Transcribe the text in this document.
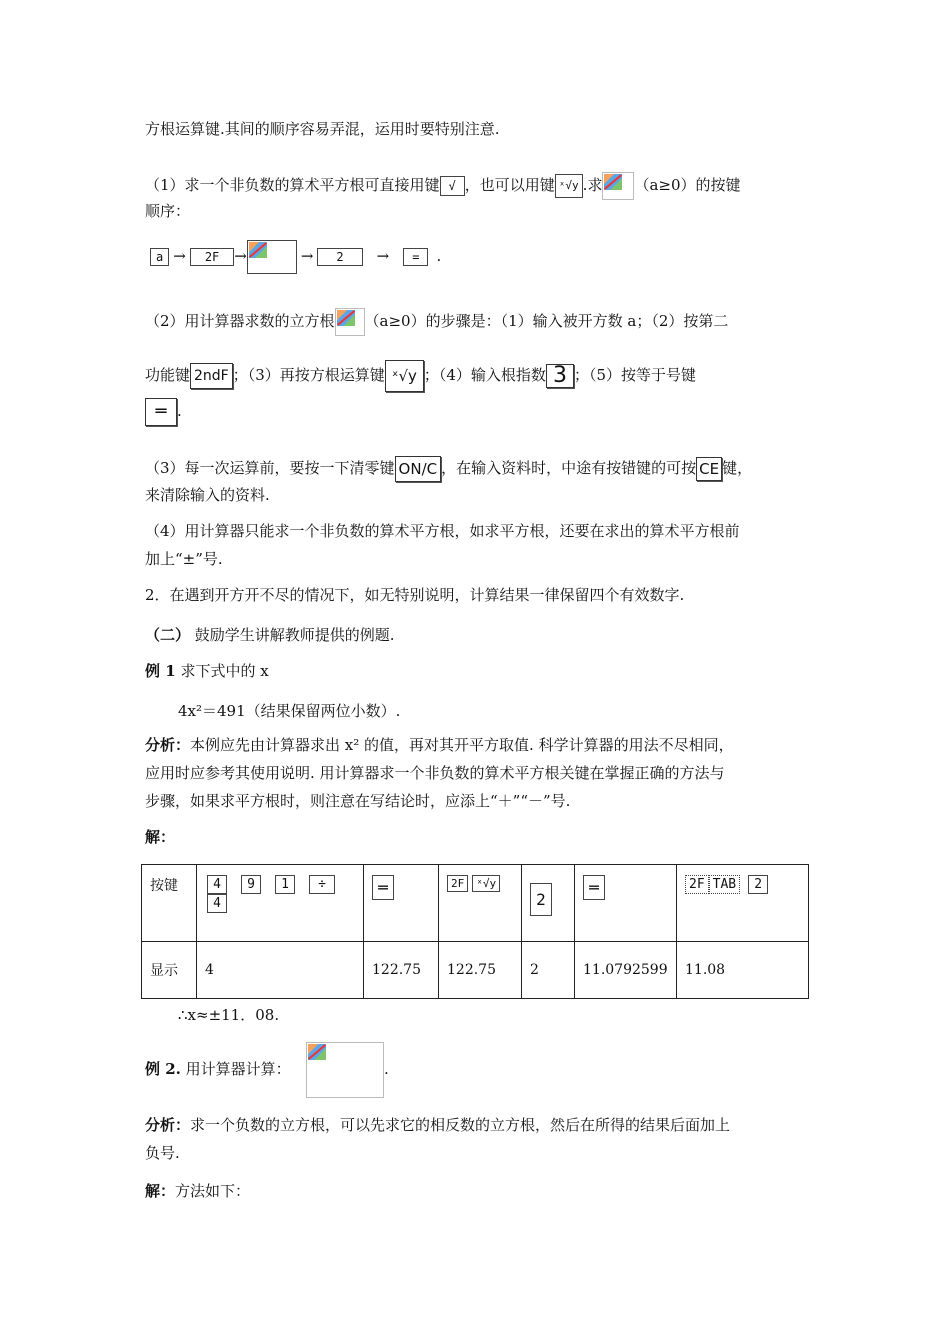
方根运算键.其间的顺序容易弄混，运用时要特别注意.
（1）求一个非负数的算术平方根可直接用键 √ ，也可以用键 ˣ√y .求 （a≥0）的按键
顺序：
a → 2F →	→ 2 → = .
（2）用计算器求数的立方根 （a≥0）的步骤是：（1）输入被开方数 a；（2）按第二
功能键 2ndF ；（3）再按方根运算键 ˣ√y ；（4）输入根指数 3 ；（5）按等于号键
═ .
（3）每一次运算前，要按一下清零键 ON/C ，在输入资料时，中途有按错键的可按 CE 键，
来清除输入的资料.
（4）用计算器只能求一个非负数的算术平方根，如求平方根，还要在求出的算术平方根前
加上“±”号.
2．在遇到开方开不尽的情况下，如无特别说明，计算结果一律保留四个有效数字.
（二） 鼓励学生讲解教师提供的例题.
例 1 求下式中的 x
4x²＝491（结果保留两位小数）.
分析：本例应先由计算器求出 x² 的值，再对其开平方取值. 科学计算器的用法不尽相同，
应用时应参考其使用说明. 用计算器求一个非负数的算术平方根关键在掌握正确的方法与
步骤，如果求平方根时，则注意在写结论时，应添上“＋”“－”号.
解：
按键	4 9 1 ÷4	═	2F ˣ√y	2	═	2F TAB 2
显示	4	122.75	122.75	2	11.0792599	11.08
∴x≈±11．08.
例 2. 用计算器计算：	.
分析：求一个负数的立方根，可以先求它的相反数的立方根，然后在所得的结果后面加上
负号.
解：方法如下：
